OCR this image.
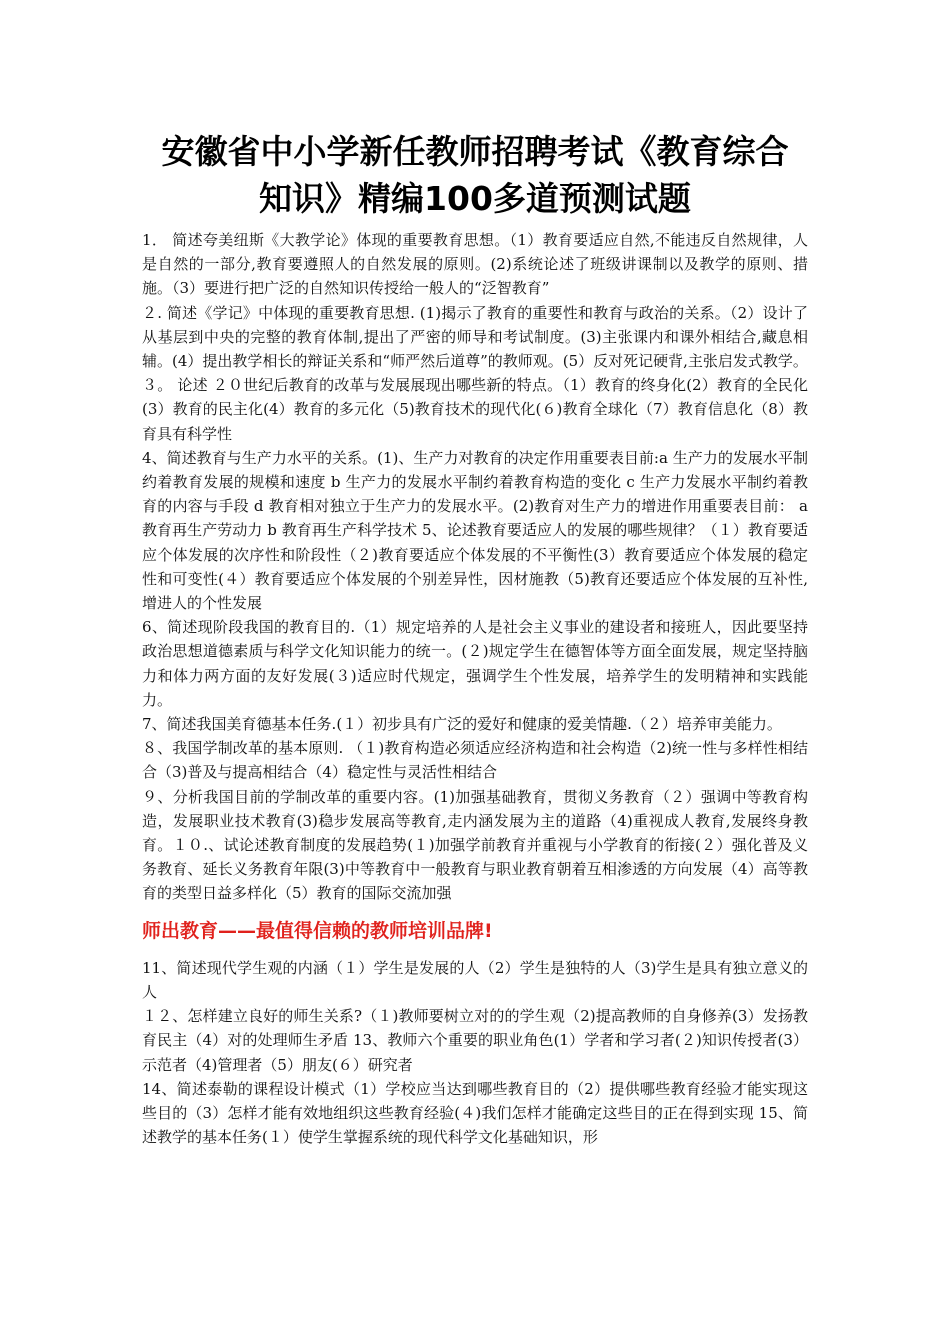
安徽省中小学新任教师招聘考试《教育综合知识》精编100多道预测试题

1． 简述夸美纽斯《大教学论》体现的重要教育思想。（1）教育要适应自然,不能违反自然规律，人是自然的一部分,教育要遵照人的自然发展的原则。(2)系统论述了班级讲课制以及教学的原则、措施。（3）要进行把广泛的自然知识传授给一般人的“泛智教育”

２. 简述《学记》中体现的重要教育思想. (1)揭示了教育的重要性和教育与政治的关系。（2）设计了从基层到中央的完整的教育体制,提出了严密的师导和考试制度。(3)主张课内和课外相结合,藏息相辅。(4）提出教学相长的辩证关系和“师严然后道尊”的教师观。(5）反对死记硬背,主张启发式教学。

３。 论述 ２０世纪后教育的改革与发展展现出哪些新的特点。（1）教育的终身化(2）教育的全民化(3）教育的民主化(4）教育的多元化（5)教育技术的现代化(６)教育全球化（7）教育信息化（8）教育具有科学性

4、简述教育与生产力水平的关系。(1)、生产力对教育的决定作用重要表目前:a 生产力的发展水平制约着教育发展的规模和速度 b 生产力的发展水平制约着教育构造的变化 c 生产力发展水平制约着教育的内容与手段 d 教育相对独立于生产力的发展水平。(2)教育对生产力的增进作用重要表目前： a 教育再生产劳动力 b 教育再生产科学技术 5、论述教育要适应人的发展的哪些规律？（１）教育要适应个体发展的次序性和阶段性（２)教育要适应个体发展的不平衡性(3）教育要适应个体发展的稳定性和可变性(４）教育要适应个体发展的个别差异性，因材施教（5)教育还要适应个体发展的互补性,增进人的个性发展

6、简述现阶段我国的教育目的.（1）规定培养的人是社会主义事业的建设者和接班人，因此要坚持政治思想道德素质与科学文化知识能力的统一。(２)规定学生在德智体等方面全面发展，规定坚持脑力和体力两方面的友好发展(３)适应时代规定，强调学生个性发展，培养学生的发明精神和实践能力。

7、简述我国美育德基本任务.(１）初步具有广泛的爱好和健康的爱美情趣.（２）培养审美能力。

８、我国学制改革的基本原则. （１)教育构造必须适应经济构造和社会构造（2)统一性与多样性相结合（3)普及与提高相结合（4）稳定性与灵活性相结合

９、分析我国目前的学制改革的重要内容。(1)加强基础教育，贯彻义务教育（２）强调中等教育构造，发展职业技术教育(3)稳步发展高等教育,走内涵发展为主的道路（4)重视成人教育,发展终身教育。１０.、试论述教育制度的发展趋势(１)加强学前教育并重视与小学教育的衔接(２）强化普及义务教育、延长义务教育年限(3)中等教育中一般教育与职业教育朝着互相渗透的方向发展（4）高等教育的类型日益多样化（5）教育的国际交流加强

师出教育——最值得信赖的教师培训品牌!

11、简述现代学生观的内涵（１）学生是发展的人（2）学生是独特的人（3)学生是具有独立意义的人

１２、怎样建立良好的师生关系?（１)教师要树立对的的学生观（2)提高教师的自身修养(3）发扬教育民主（4）对的处理师生矛盾 13、教师六个重要的职业角色(1）学者和学习者(２)知识传授者(3）示范者（4)管理者（5）朋友(６）研究者

14、简述泰勒的课程设计模式（1）学校应当达到哪些教育目的（2）提供哪些教育经验才能实现这些目的（3）怎样才能有效地组织这些教育经验(４)我们怎样才能确定这些目的正在得到实现 15、简述教学的基本任务(１）使学生掌握系统的现代科学文化基础知识，形
